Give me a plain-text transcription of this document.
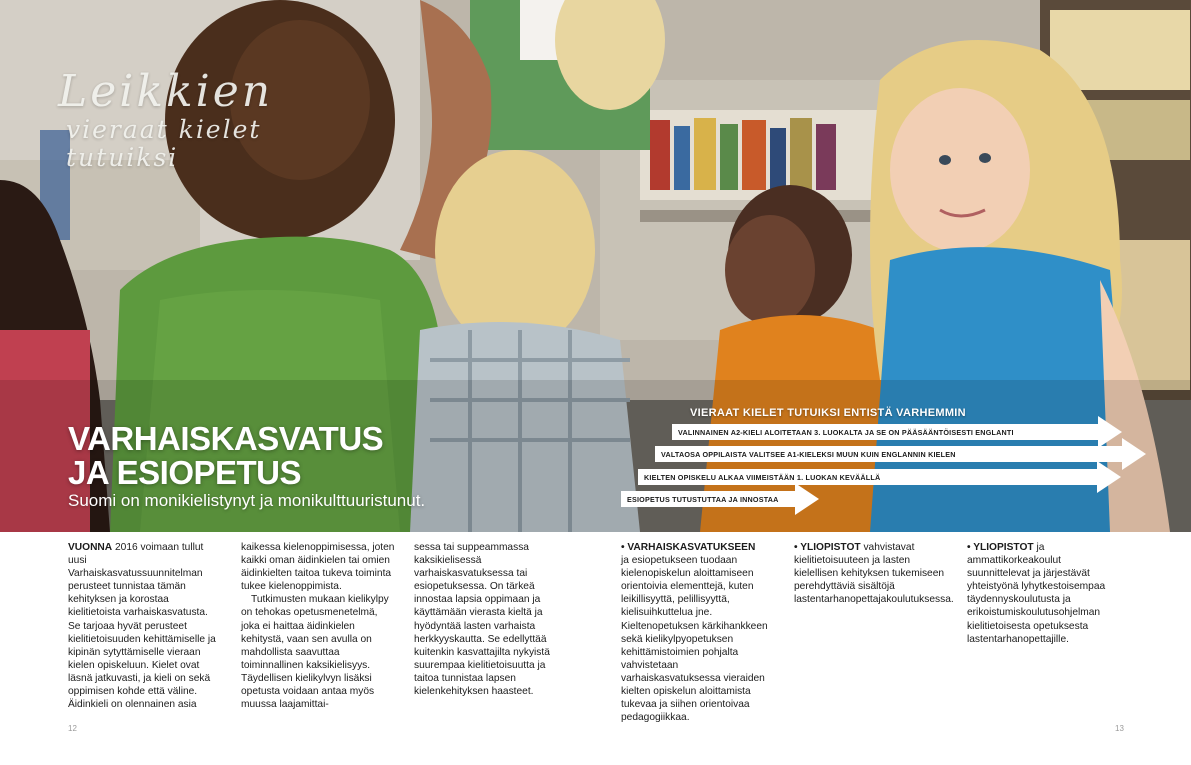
Leikkien
vieraat kielet
tutuiksi
VARHAISKASVATUS
JA ESIOPETUS
Suomi on monikielistynyt ja monikulttuuristunut.
VIERAAT KIELET TUTUIKSI ENTISTÄ VARHEMMIN
VALINNAINEN A2-KIELI ALOITETAAN 3. LUOKALTA JA SE ON PÄÄSÄÄNTÖISESTI ENGLANTI
VALTAOSA OPPILAISTA VALITSEE A1-KIELEKSI MUUN KUIN ENGLANNIN KIELEN
KIELTEN OPISKELU ALKAA VIIMEISTÄÄN 1. LUOKAN KEVÄÄLLÄ
ESIOPETUS TUTUSTUTTAA JA INNOSTAA

VUONNA 2016 voimaan tullut uusi Varhaiskasvatussuunnitelman perusteet tunnistaa tämän kehityksen ja korostaa kielitietoista varhaiskasvatusta. Se tarjoaa hyvät perusteet kielitietoisuuden kehittämiselle ja kipinän sytyttämiselle vieraan kielen opiskeluun. Kielet ovat läsnä jatkuvasti, ja kieli on sekä oppimisen kohde että väline. Äidinkieli on olennainen asia

kaikessa kielenoppimisessa, joten kaikki oman äidinkielen tai omien äidinkielten taitoa tukeva toiminta tukee kielenoppimista.

Tutkimusten mukaan kielikylpy on tehokas opetusmenetelmä, joka ei haittaa äidinkielen kehitystä, vaan sen avulla on mahdollista saavuttaa toiminnallinen kaksikielisyys. Täydellisen kielikylvyn lisäksi opetusta voidaan antaa myös muussa laajamittai-

sessa tai suppeammassa kaksikielisessä varhaiskasvatuksessa tai esiopetuksessa. On tärkeä innostaa lapsia oppimaan ja käyttämään vierasta kieltä ja hyödyntää lasten varhaista herkkyyskautta. Se edellyttää kuitenkin kasvattajilta nykyistä suurempaa kielitietoisuutta ja taitoa tunnistaa lapsen kielenkehityksen haasteet.

• VARHAISKASVATUKSEEN
ja esiopetukseen tuodaan kielenopiskelun aloittamiseen orientoivia elementtejä, kuten leikillisyyttä, pelillisyyttä, kielisuihkutteluа jne. Kieltenopetuksen kärkihankkeen sekä kielikylpyopetuksen kehittämistoimien pohjalta vahvistetaan varhaiskasvatuksessa vieraiden kielten opiskelun aloittamista tukevaa ja siihen orientoivaa pedagogiikkaa.

• YLIOPISTOT vahvistavat kielitietoisuuteen ja lasten kielellisen kehityksen tukemiseen perehdyttäviä sisältöjä lastentarhanopettajakoulutuksessa.

• YLIOPISTOT ja ammattikorkeakoulut suunnittelevat ja järjestävät yhteistyönä lyhytkestoisempaa täydennyskoulutusta ja erikoistumiskoulutusohjelman kielitietoisesta opetuksesta lastentarhanopettajille.

12	13
